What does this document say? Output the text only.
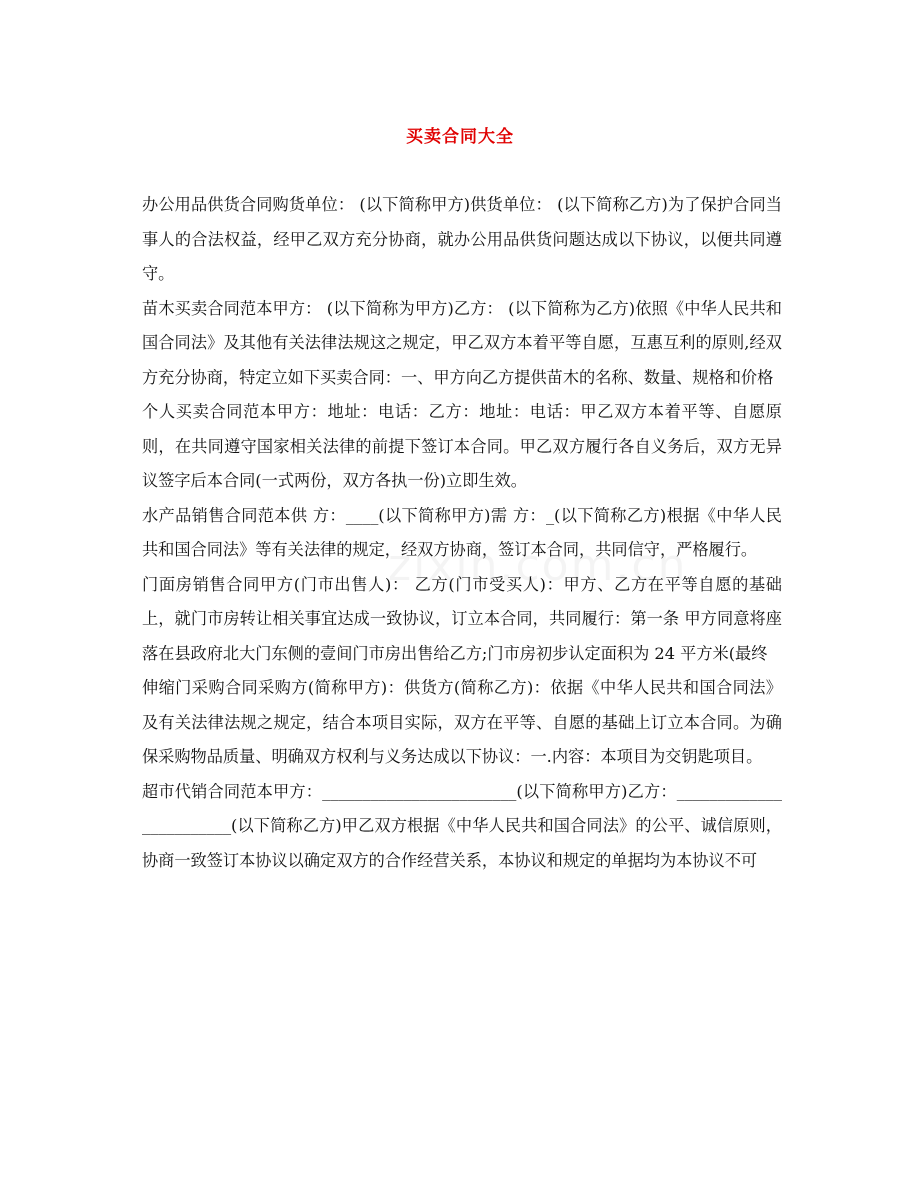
买卖合同大全

办公用品供货合同购货单位： (以下简称甲方)供货单位： (以下简称乙方)为了保护合同当事人的合法权益，经甲乙双方充分协商，就办公用品供货问题达成以下协议，以便共同遵守。

苗木买卖合同范本甲方： (以下简称为甲方)乙方： (以下简称为乙方)依照《中华人民共和国合同法》及其他有关法律法规这之规定，甲乙双方本着平等自愿，互惠互利的原则,经双方充分协商，特定立如下买卖合同：一、甲方向乙方提供苗木的名称、数量、规格和价格

个人买卖合同范本甲方：地址：电话：乙方：地址：电话：甲乙双方本着平等、自愿原则，在共同遵守国家相关法律的前提下签订本合同。甲乙双方履行各自义务后，双方无异议签字后本合同(一式两份，双方各执一份)立即生效。

水产品销售合同范本供 方：____(以下简称甲方)需 方：_(以下简称乙方)根据《中华人民共和国合同法》等有关法律的规定，经双方协商，签订本合同，共同信守，严格履行。

门面房销售合同甲方(门市出售人)： 乙方(门市受买人)：甲方、乙方在平等自愿的基础上，就门市房转让相关事宜达成一致协议，订立本合同，共同履行：第一条 甲方同意将座落在县政府北大门东侧的壹间门市房出售给乙方;门市房初步认定面积为 24 平方米(最终

伸缩门采购合同采购方(简称甲方)：供货方(简称乙方)：依据《中华人民共和国合同法》及有关法律法规之规定，结合本项目实际，双方在平等、自愿的基础上订立本合同。为确保采购物品质量、明确双方权利与义务达成以下协议：一.内容：本项目为交钥匙项目。

超市代销合同范本甲方：________________________(以下简称甲方)乙方：________________________(以下简称乙方)甲乙双方根据《中华人民共和国合同法》的公平、诚信原则，协商一致签订本协议以确定双方的合作经营关系，本协议和规定的单据均为本协议不可
